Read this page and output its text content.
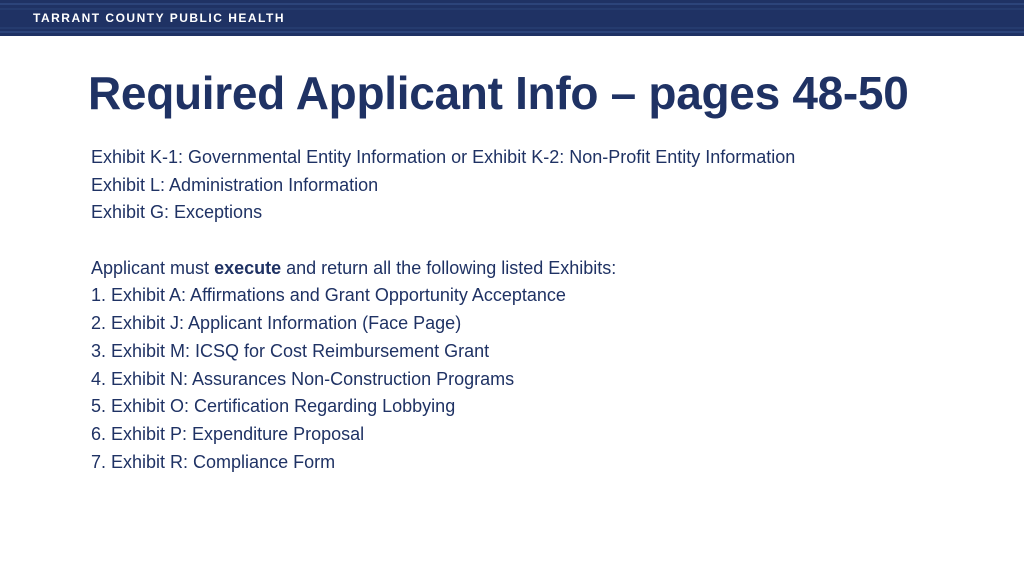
TARRANT COUNTY PUBLIC HEALTH
Required Applicant Info – pages 48-50
Exhibit K-1: Governmental Entity Information or Exhibit K-2: Non-Profit Entity Information
Exhibit L: Administration Information
Exhibit G: Exceptions
Applicant must execute and return all the following listed Exhibits:
1. Exhibit A: Affirmations and Grant Opportunity Acceptance
2. Exhibit J: Applicant Information (Face Page)
3. Exhibit M: ICSQ for Cost Reimbursement Grant
4. Exhibit N: Assurances Non-Construction Programs
5. Exhibit O: Certification Regarding Lobbying
6. Exhibit P: Expenditure Proposal
7. Exhibit R: Compliance Form
